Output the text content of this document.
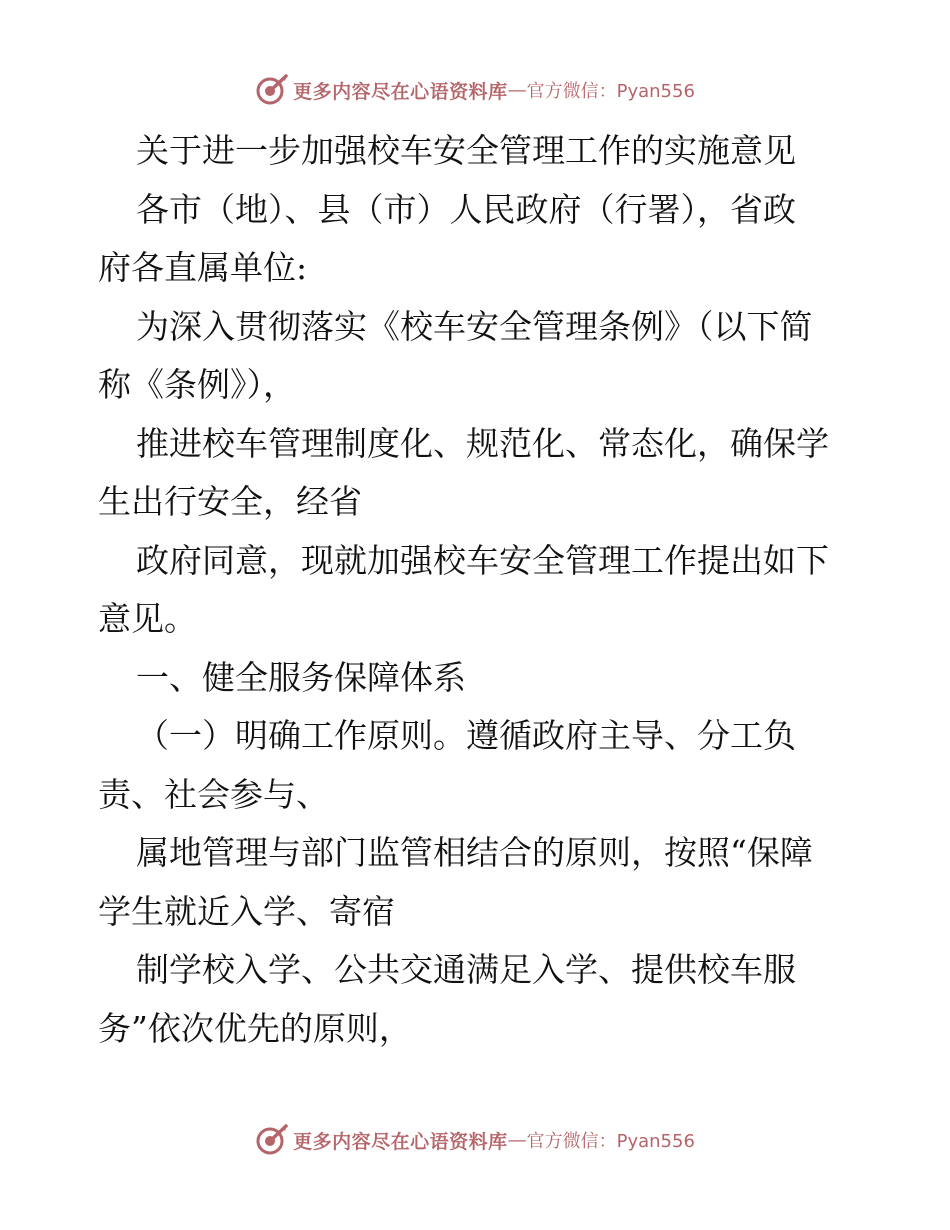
更多内容尽在心语资料库 — 官方微信：Pyan556
关于进一步加强校车安全管理工作的实施意见
各市（地）、县（市）人民政府（行署），省政
府各直属单位:
为深入贯彻落实《校车安全管理条例》（以下简
称《条例》），
推进校车管理制度化、规范化、常态化，确保学
生出行安全，经省
政府同意，现就加强校车安全管理工作提出如下
意见。
一、健全服务保障体系
（一）明确工作原则。遵循政府主导、分工负
责、社会参与、
属地管理与部门监管相结合的原则，按照“保障
学生就近入学、寄宿
制学校入学、公共交通满足入学、提供校车服
务”依次优先的原则，
更多内容尽在心语资料库 — 官方微信：Pyan556
